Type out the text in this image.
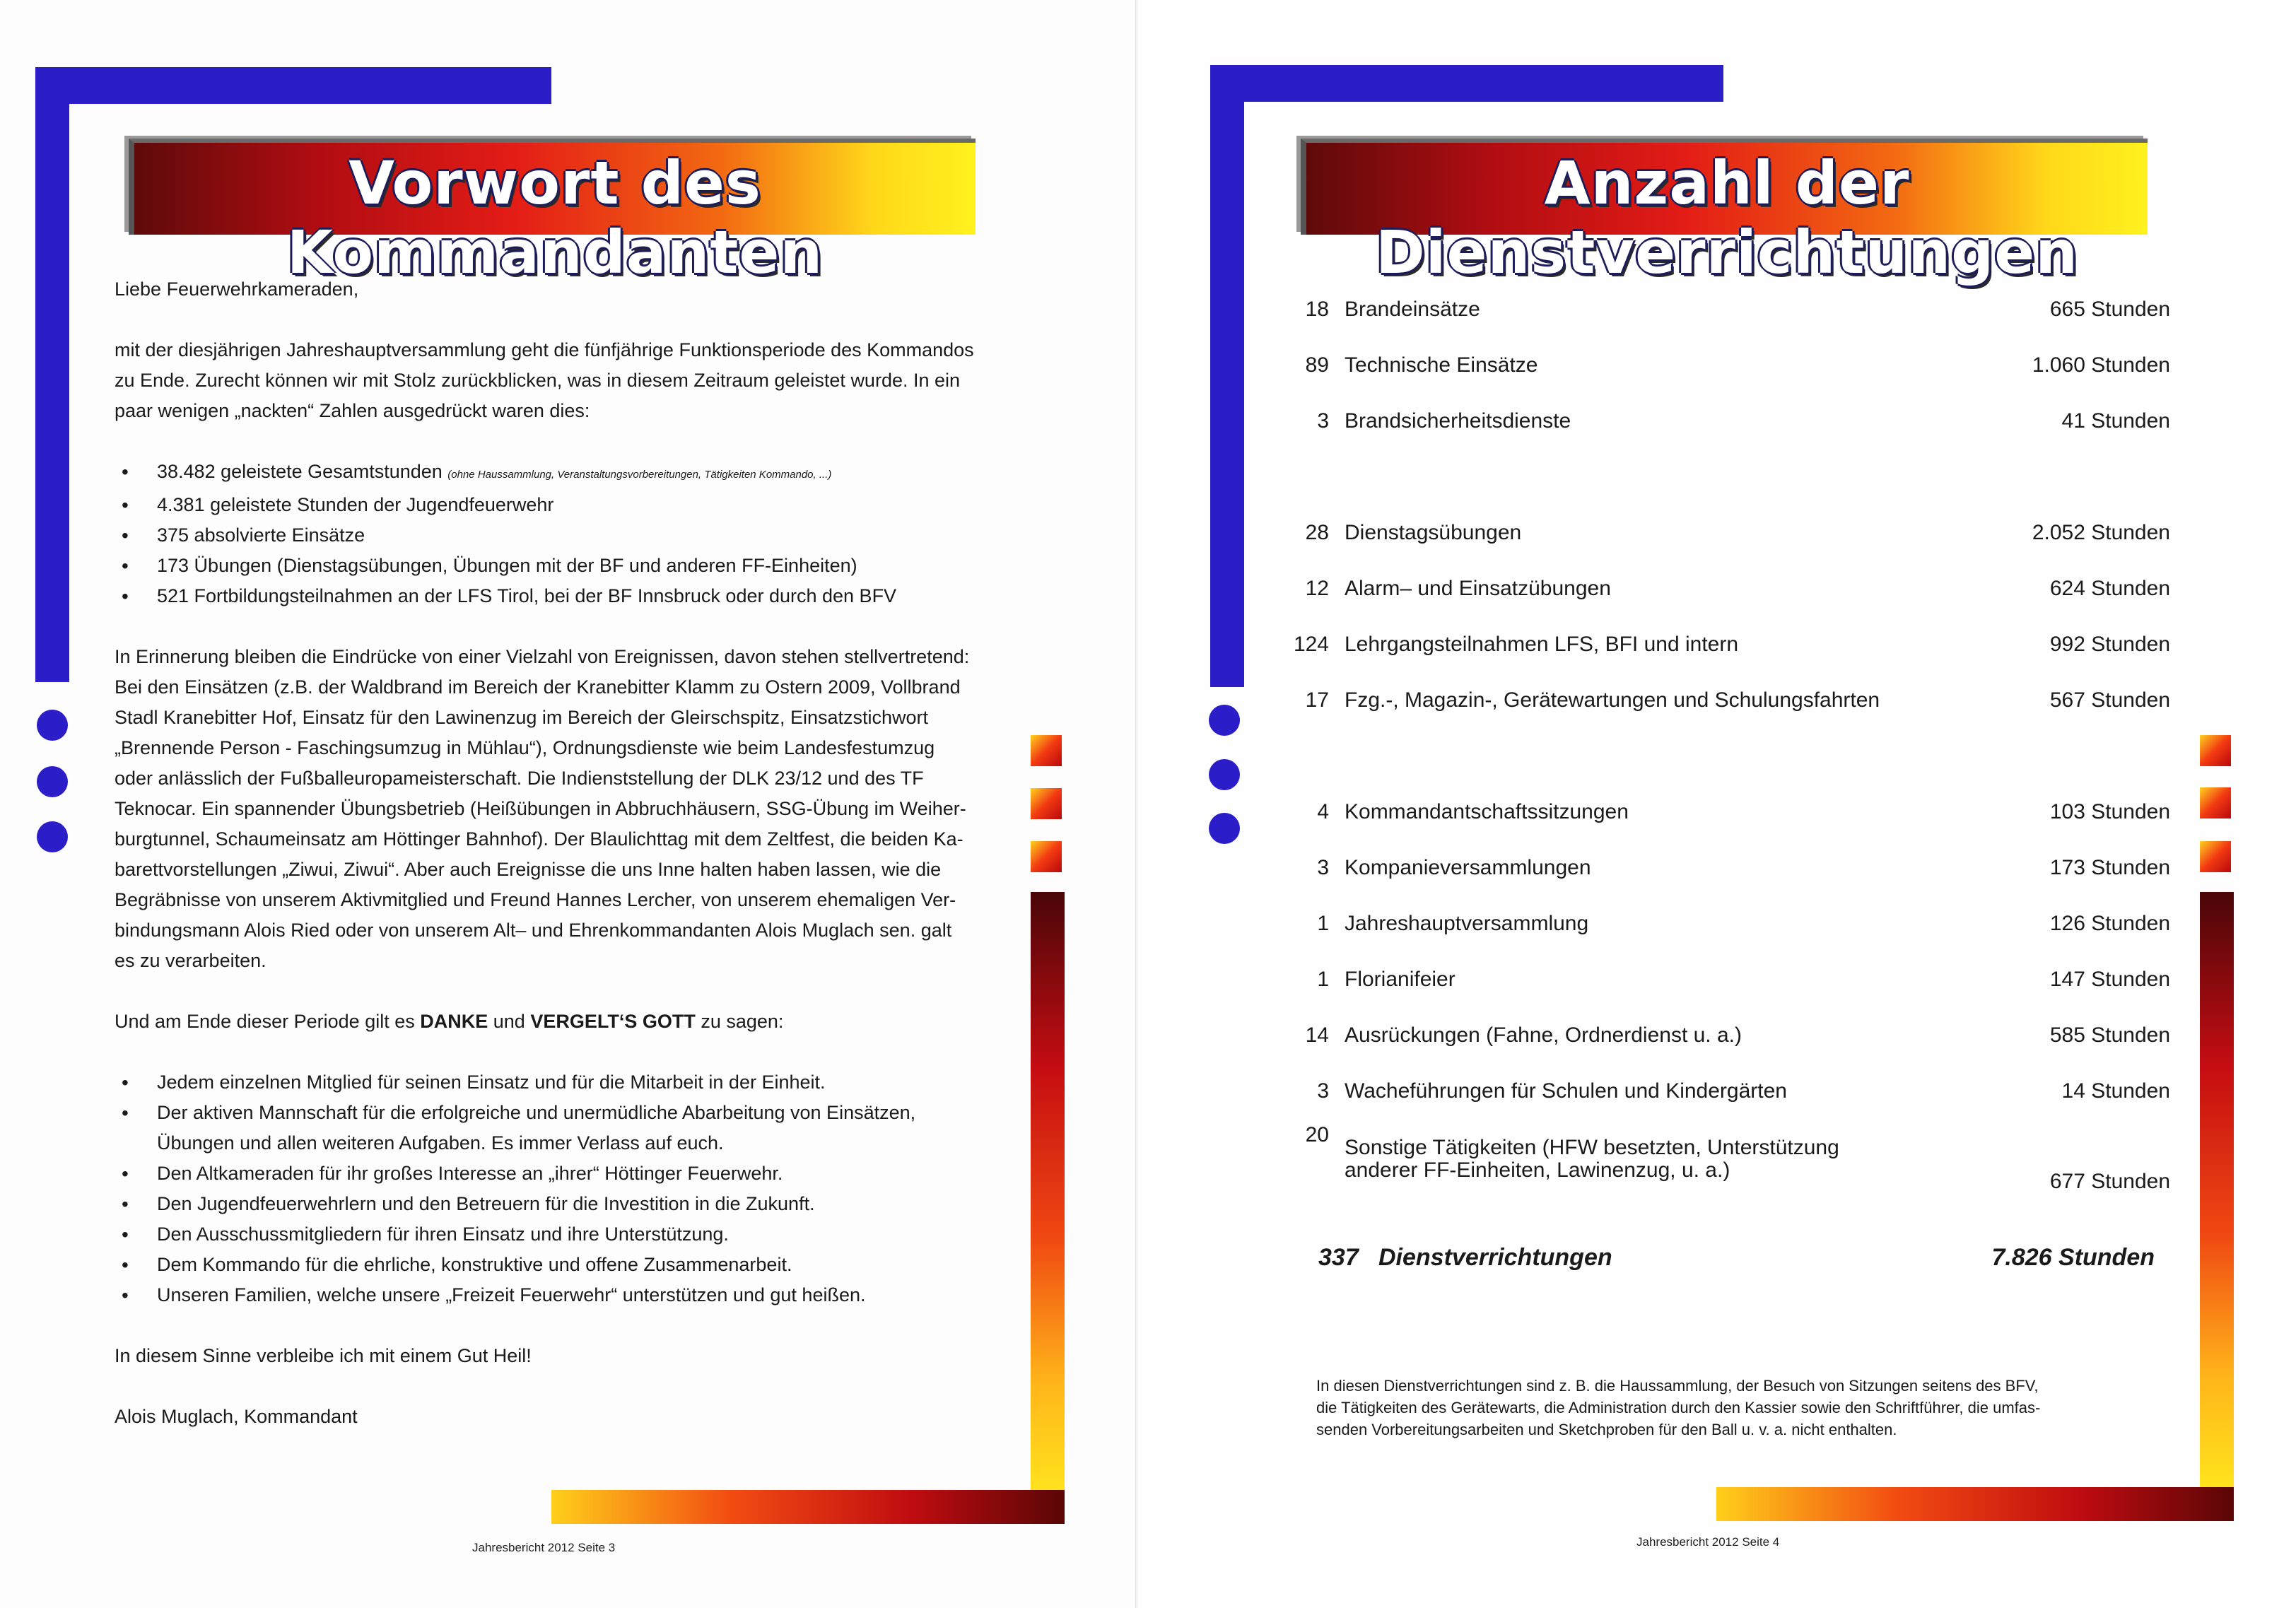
Vorwort des Kommandanten

Liebe Feuerwehrkameraden,

mit der diesjährigen Jahreshauptversammlung geht die fünfjährige Funktionsperiode des Kommandos

zu Ende. Zurecht können wir mit Stolz zurückblicken, was in diesem Zeitraum geleistet wurde. In ein

paar wenigen „nackten“ Zahlen ausgedrückt waren dies:

• 38.482 geleistete Gesamtstunden (ohne Haussammlung, Veranstaltungsvorbereitungen, Tätigkeiten Kommando, ...)
• 4.381 geleistete Stunden der Jugendfeuerwehr
• 375 absolvierte Einsätze
• 173 Übungen (Dienstagsübungen, Übungen mit der BF und anderen FF-Einheiten)
• 521 Fortbildungsteilnahmen an der LFS Tirol, bei der BF Innsbruck oder durch den BFV

In Erinnerung bleiben die Eindrücke von einer Vielzahl von Ereignissen, davon stehen stellvertretend:

Bei den Einsätzen (z.B. der Waldbrand im Bereich der Kranebitter Klamm zu Ostern 2009, Vollbrand

Stadl Kranebitter Hof, Einsatz für den Lawinenzug im Bereich der Gleirschspitz, Einsatzstichwort

„Brennende Person - Faschingsumzug in Mühlau“), Ordnungsdienste wie beim Landesfestumzug

oder anlässlich der Fußballeuropameisterschaft. Die Indienststellung der DLK 23/12 und des TF

Teknocar. Ein spannender Übungsbetrieb (Heißübungen in Abbruchhäusern, SSG-Übung im Weiher-

burgtunnel, Schaumeinsatz am Höttinger Bahnhof). Der Blaulichttag mit dem Zeltfest, die beiden Ka-

barettvorstellungen „Ziwui, Ziwui“. Aber auch Ereignisse die uns Inne halten haben lassen, wie die

Begräbnisse von unserem Aktivmitglied und Freund Hannes Lercher, von unserem ehemaligen Ver-

bindungsmann Alois Ried oder von unserem Alt– und Ehrenkommandanten Alois Muglach sen. galt

es zu verarbeiten.

Und am Ende dieser Periode gilt es DANKE und VERGELT‘S GOTT zu sagen:

• Jedem einzelnen Mitglied für seinen Einsatz und für die Mitarbeit in der Einheit.
• Der aktiven Mannschaft für die erfolgreiche und unermüdliche Abarbeitung von Einsätzen,
Übungen und allen weiteren Aufgaben. Es immer Verlass auf euch.
• Den Altkameraden für ihr großes Interesse an „ihrer“ Höttinger Feuerwehr.
• Den Jugendfeuerwehrlern und den Betreuern für die Investition in die Zukunft.
• Den Ausschussmitgliedern für ihren Einsatz und ihre Unterstützung.
• Dem Kommando für die ehrliche, konstruktive und offene Zusammenarbeit.
• Unseren Familien, welche unsere „Freizeit Feuerwehr“ unterstützen und gut heißen.

In diesem Sinne verbleibe ich mit einem Gut Heil!

Alois Muglach, Kommandant

Jahresbericht 2012 Seite 3
Anzahl der Dienstverrichtungen
18	Brandeinsätze	665 Stunden
89	Technische Einsätze	1.060 Stunden
3	Brandsicherheitsdienste	41 Stunden

28	Dienstagsübungen	2.052 Stunden
12	Alarm– und Einsatzübungen	624 Stunden
124	Lehrgangsteilnahmen LFS, BFI und intern	992 Stunden
17	Fzg.-, Magazin-, Gerätewartungen und Schulungsfahrten	567 Stunden

4	Kommandantschaftssitzungen	103 Stunden
3	Kompanieversammlungen	173 Stunden
1	Jahreshauptversammlung	126 Stunden
1	Florianifeier	147 Stunden
14	Ausrückungen (Fahne, Ordnerdienst u. a.)	585 Stunden
3	Wacheführungen für Schulen und Kindergärten	14 Stunden
20	Sonstige Tätigkeiten (HFW besetzten, Unterstützung
anderer FF-Einheiten, Lawinenzug, u. a.)	677 Stunden
337 Dienstverrichtungen	7.826 Stunden
In diesen Dienstverrichtungen sind z. B. die Haussammlung, der Besuch von Sitzungen seitens des BFV,
die Tätigkeiten des Gerätewarts, die Administration durch den Kassier sowie den Schriftführer, die umfas-
senden Vorbereitungsarbeiten und Sketchproben für den Ball u. v. a. nicht enthalten.
Jahresbericht 2012 Seite 4
